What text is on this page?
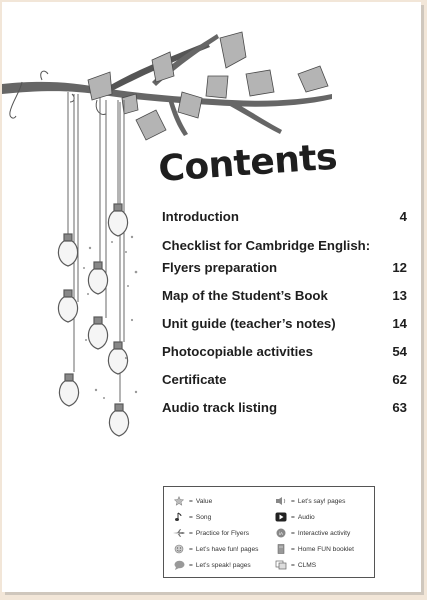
Contents
Introduction	4
Checklist for Cambridge English:
Flyers preparation	12
Map of the Student’s Book	13
Unit guide (teacher’s notes)	14
Photocopiable activities	54
Certificate	62
Audio track listing	63
= Value
= Song
= Practice for Flyers
= Let’s have fun! pages
= Let’s speak! pages
= Let’s say! pages
= Audio
iA = Interactive activity
= Home FUN booklet
= CLMS
